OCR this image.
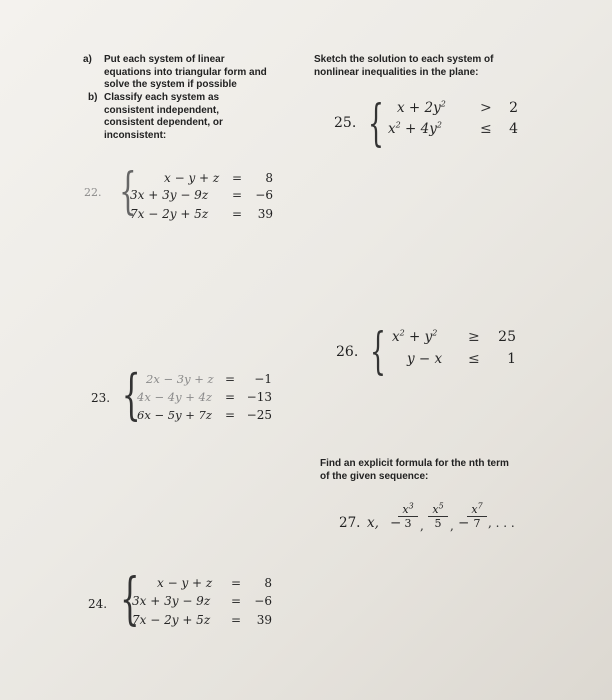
a) Put each system of linear
equations into triangular form and
solve the system if possible
b) Classify each system as
consistent independent,
consistent dependent, or
inconsistent:
Sketch the solution to each system of
nonlinear inequalities in the plane:
22. { x − y + z
3x + 3y − 9z
7x − 2y + 5z
=
=
=
8
−6
39
25. { $x + 2y^2$
$x^2 + 4y^2$
>
≤
2
4
26. { $x^2 + y^2$
y − x
≥
≤
25
1
23. { 2x − 3y + z
4x − 4y + 4z
6x − 5y + 7z
=
=
=
−1
−13
−25
Find an explicit formula for the nth term
of the given sequence:
27. x, −
$\frac{x^3}{3}$ , $\frac{x^5}{5}$ , −
$\frac{x^7}{7}$ , . . .
24. { x − y + z
3x + 3y − 9z
7x − 2y + 5z
=
=
=
8
−6
39
